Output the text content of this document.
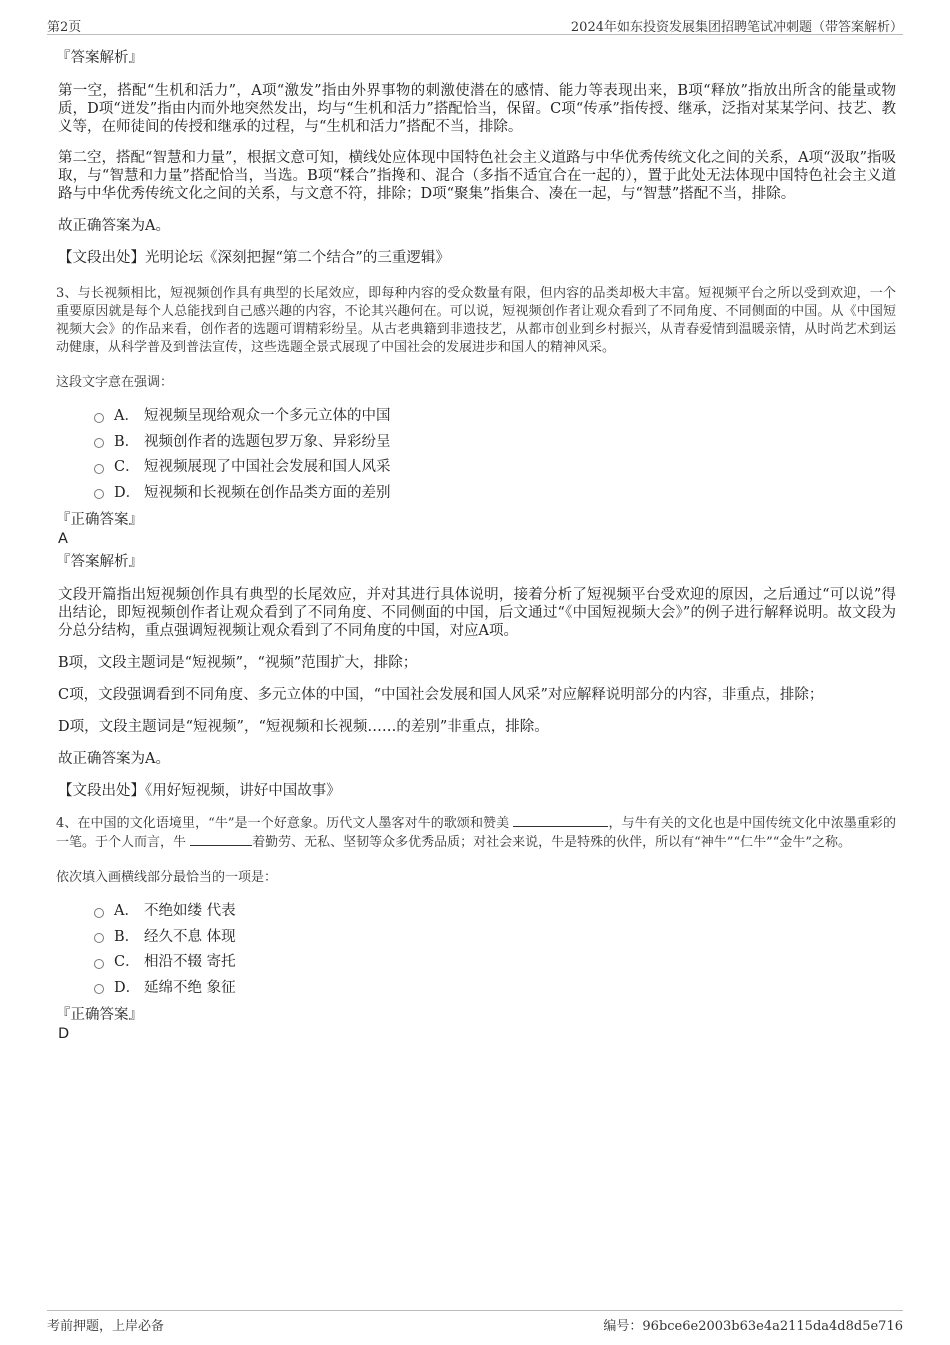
第2页	2024年如东投资发展集团招聘笔试冲刺题（带答案解析）
『答案解析』

第一空，搭配“生机和活力”，A项“激发”指由外界事物的刺激使潜在的感情、能力等表现出来，B项“释放”指放出所含的能量或物质，D项“迸发”指由内而外地突然发出，均与“生机和活力”搭配恰当，保留。C项“传承”指传授、继承，泛指对某某学问、技艺、教义等，在师徒间的传授和继承的过程，与“生机和活力”搭配不当，排除。

第二空，搭配“智慧和力量”，根据文意可知，横线处应体现中国特色社会主义道路与中华优秀传统文化之间的关系，A项“汲取”指吸取，与“智慧和力量”搭配恰当，当选。B项“糅合”指搀和、混合（多指不适宜合在一起的），置于此处无法体现中国特色社会主义道路与中华优秀传统文化之间的关系，与文意不符，排除；D项“聚集”指集合、凑在一起，与“智慧”搭配不当，排除。

故正确答案为A。

【文段出处】光明论坛《深刻把握“第二个结合”的三重逻辑》

3、与长视频相比，短视频创作具有典型的长尾效应，即每种内容的受众数量有限，但内容的品类却极大丰富。短视频平台之所以受到欢迎，一个重要原因就是每个人总能找到自己感兴趣的内容，不论其兴趣何在。可以说，短视频创作者让观众看到了不同角度、不同侧面的中国。从《中国短视频大会》的作品来看，创作者的选题可谓精彩纷呈。从古老典籍到非遗技艺，从都市创业到乡村振兴，从青春爱情到温暖亲情，从时尚艺术到运动健康，从科学普及到普法宣传，这些选题全景式展现了中国社会的发展进步和国人的精神风采。

这段文字意在强调：

A． 短视频呈现给观众一个多元立体的中国
B． 视频创作者的选题包罗万象、异彩纷呈
C． 短视频展现了中国社会发展和国人风采
D． 短视频和长视频在创作品类方面的差别
『正确答案』
A
『答案解析』

文段开篇指出短视频创作具有典型的长尾效应，并对其进行具体说明，接着分析了短视频平台受欢迎的原因，之后通过“可以说”得出结论，即短视频创作者让观众看到了不同角度、不同侧面的中国，后文通过“《中国短视频大会》”的例子进行解释说明。故文段为分总分结构，重点强调短视频让观众看到了不同角度的中国，对应A项。

B项，文段主题词是“短视频”，“视频”范围扩大，排除；

C项，文段强调看到不同角度、多元立体的中国，“中国社会发展和国人风采”对应解释说明部分的内容，非重点，排除；

D项，文段主题词是“短视频”，“短视频和长视频……的差别”非重点，排除。

故正确答案为A。

【文段出处】《用好短视频，讲好中国故事》

4、在中国的文化语境里，“牛”是一个好意象。历代文人墨客对牛的歌颂和赞美	，与牛有关的文化也是中国传统文化中浓墨重彩的一笔。于个人而言，牛	着勤劳、无私、坚韧等众多优秀品质；对社会来说，牛是特殊的伙伴，所以有“神牛”“仁牛”“金牛”之称。

依次填入画横线部分最恰当的一项是：

A． 不绝如缕 代表
B． 经久不息 体现
C． 相沿不辍 寄托
D． 延绵不绝 象征
『正确答案』
D
考前押题，上岸必备	编号：96bce6e2003b63e4a2115da4d8d5e716
